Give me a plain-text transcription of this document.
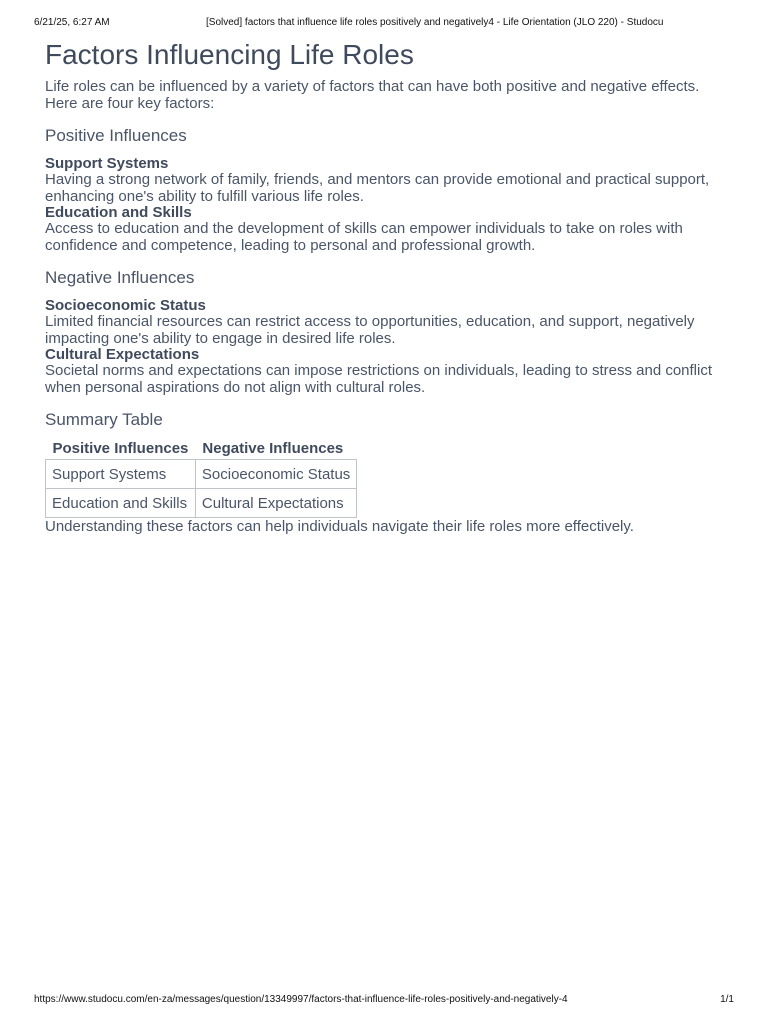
6/21/25, 6:27 AM	[Solved] factors that influence life roles positively and negatively4 - Life Orientation (JLO 220) - Studocu
Factors Influencing Life Roles

Life roles can be influenced by a variety of factors that can have both positive and negative effects. Here are four key factors:

Positive Influences

Support Systems

Having a strong network of family, friends, and mentors can provide emotional and practical support, enhancing one's ability to fulfill various life roles.

Education and Skills

Access to education and the development of skills can empower individuals to take on roles with confidence and competence, leading to personal and professional growth.

Negative Influences

Socioeconomic Status

Limited financial resources can restrict access to opportunities, education, and support, negatively impacting one's ability to engage in desired life roles.

Cultural Expectations

Societal norms and expectations can impose restrictions on individuals, leading to stress and conflict when personal aspirations do not align with cultural roles.

Summary Table
Positive Influences	Negative Influences
Support Systems	Socioeconomic Status
Education and Skills	Cultural Expectations

Understanding these factors can help individuals navigate their life roles more effectively.

https://www.studocu.com/en-za/messages/question/13349997/factors-that-influence-life-roles-positively-and-negatively-4	1/1
